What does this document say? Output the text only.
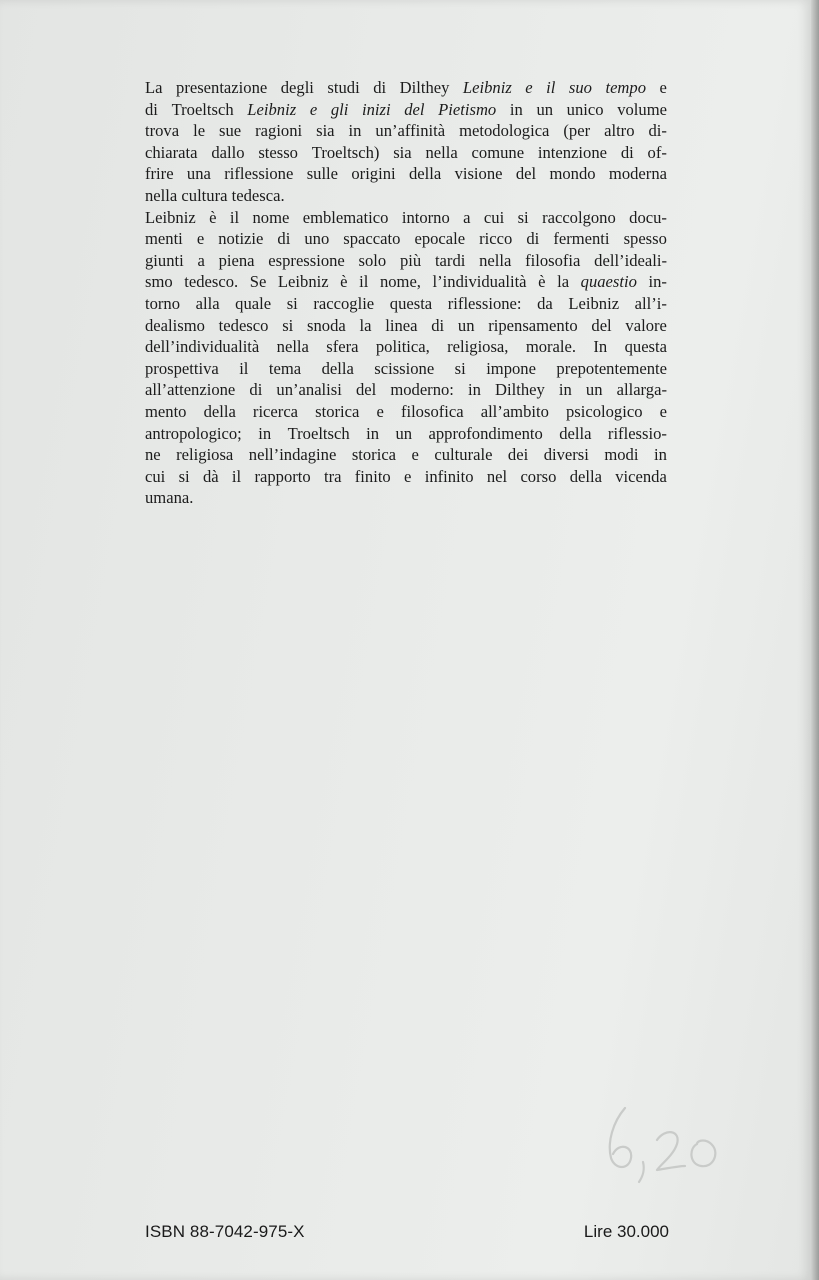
La presentazione degli studi di Dilthey Leibniz e il suo tempo e
di Troeltsch Leibniz e gli inizi del Pietismo in un unico volume
trova le sue ragioni sia in un’affinità metodologica (per altro di-
chiarata dallo stesso Troeltsch) sia nella comune intenzione di of-
frire una riflessione sulle origini della visione del mondo moderna
nella cultura tedesca.
Leibniz è il nome emblematico intorno a cui si raccolgono docu-
menti e notizie di uno spaccato epocale ricco di fermenti spesso
giunti a piena espressione solo più tardi nella filosofia dell’ideali-
smo tedesco. Se Leibniz è il nome, l’individualità è la quaestio in-
torno alla quale si raccoglie questa riflessione: da Leibniz all’i-
dealismo tedesco si snoda la linea di un ripensamento del valore
dell’individualità nella sfera politica, religiosa, morale. In questa
prospettiva il tema della scissione si impone prepotentemente
all’attenzione di un’analisi del moderno: in Dilthey in un allarga-
mento della ricerca storica e filosofica all’ambito psicologico e
antropologico; in Troeltsch in un approfondimento della riflessio-
ne religiosa nell’indagine storica e culturale dei diversi modi in
cui si dà il rapporto tra finito e infinito nel corso della vicenda
umana.
ISBN 88-7042-975-X	Lire 30.000
